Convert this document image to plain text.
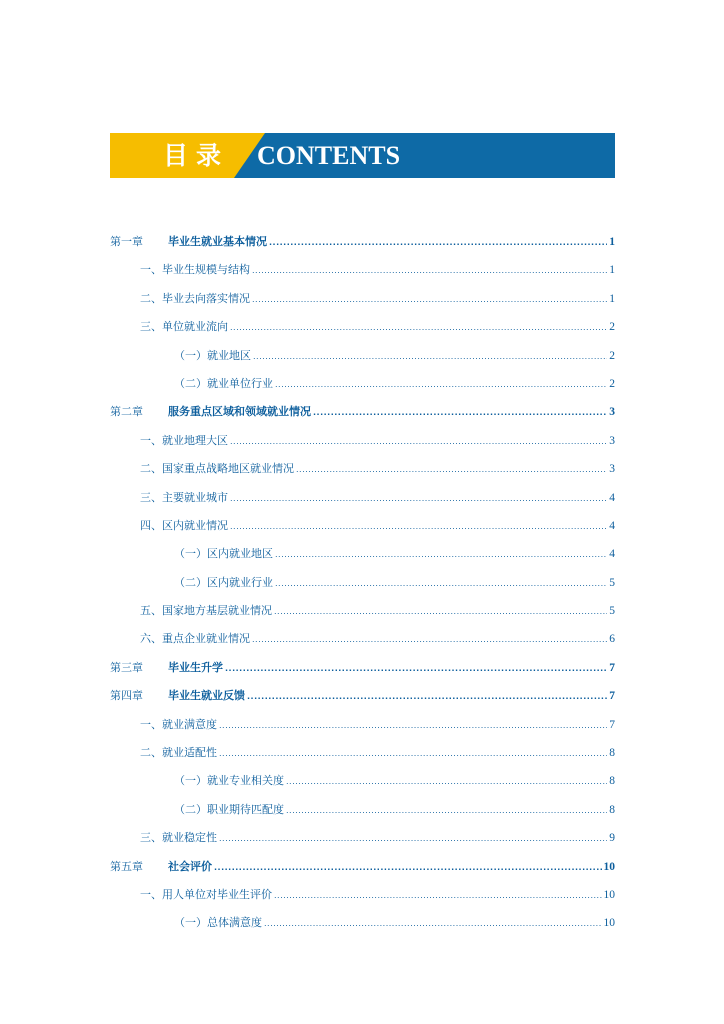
目录 CONTENTS
第一章 毕业生就业基本情况 .....	1
一、毕业生规模与结构 .....	1
二、毕业去向落实情况 .....	1
三、单位就业流向 .....	2
（一）就业地区 .....	2
（二）就业单位行业 .....	2
第二章 服务重点区域和领域就业情况 .....	3
一、就业地理大区 .....	3
二、国家重点战略地区就业情况 .....	3
三、主要就业城市 .....	4
四、区内就业情况 .....	4
（一）区内就业地区 .....	4
（二）区内就业行业 .....	5
五、国家地方基层就业情况 .....	5
六、重点企业就业情况 .....	6
第三章 毕业生升学 .....	7
第四章 毕业生就业反馈 .....	7
一、就业满意度 .....	7
二、就业适配性 .....	8
（一）就业专业相关度 .....	8
（二）职业期待匹配度 .....	8
三、就业稳定性 .....	9
第五章 社会评价 .....	10
一、用人单位对毕业生评价 .....	10
（一）总体满意度 .....	10
